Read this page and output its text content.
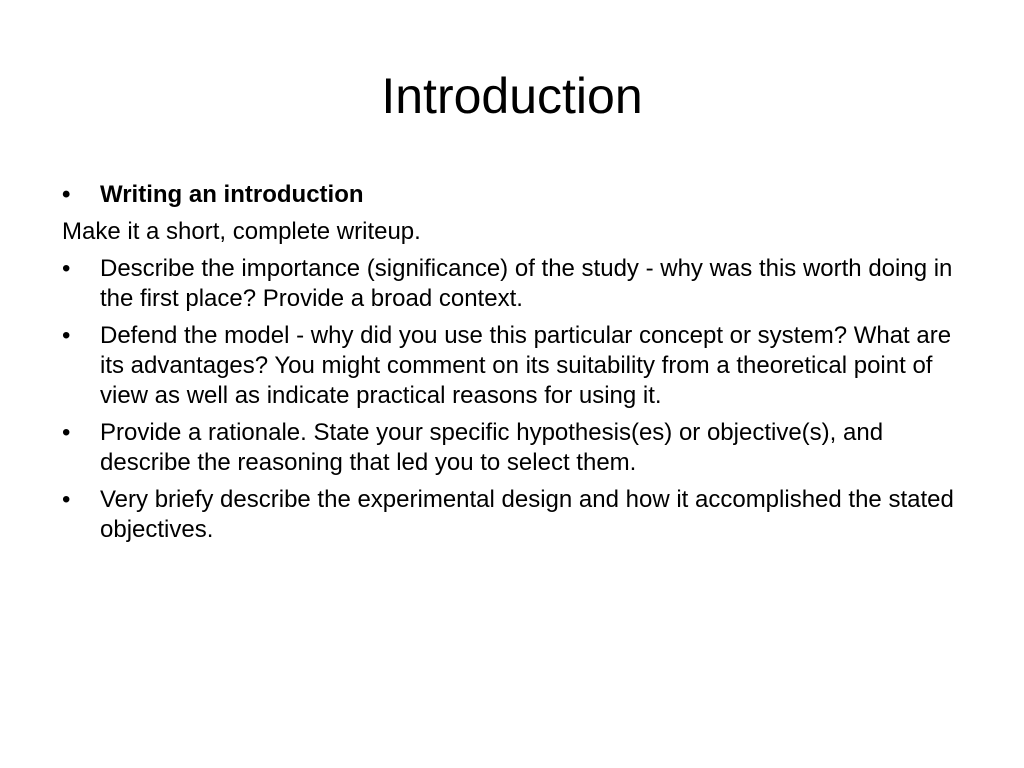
Introduction
•	Writing an introduction
Make it a short, complete writeup.
•	Describe the importance (significance) of the study - why was this worth doing in the first place? Provide a broad context.
•	Defend the model - why did you use this particular concept or system? What are its advantages? You might comment on its suitability from a theoretical point of view as well as indicate practical reasons for using it.
•	Provide a rationale. State your specific hypothesis(es) or objective(s), and describe the reasoning that led you to select them.
•	Very briefy describe the experimental design and how it accomplished the stated objectives.
